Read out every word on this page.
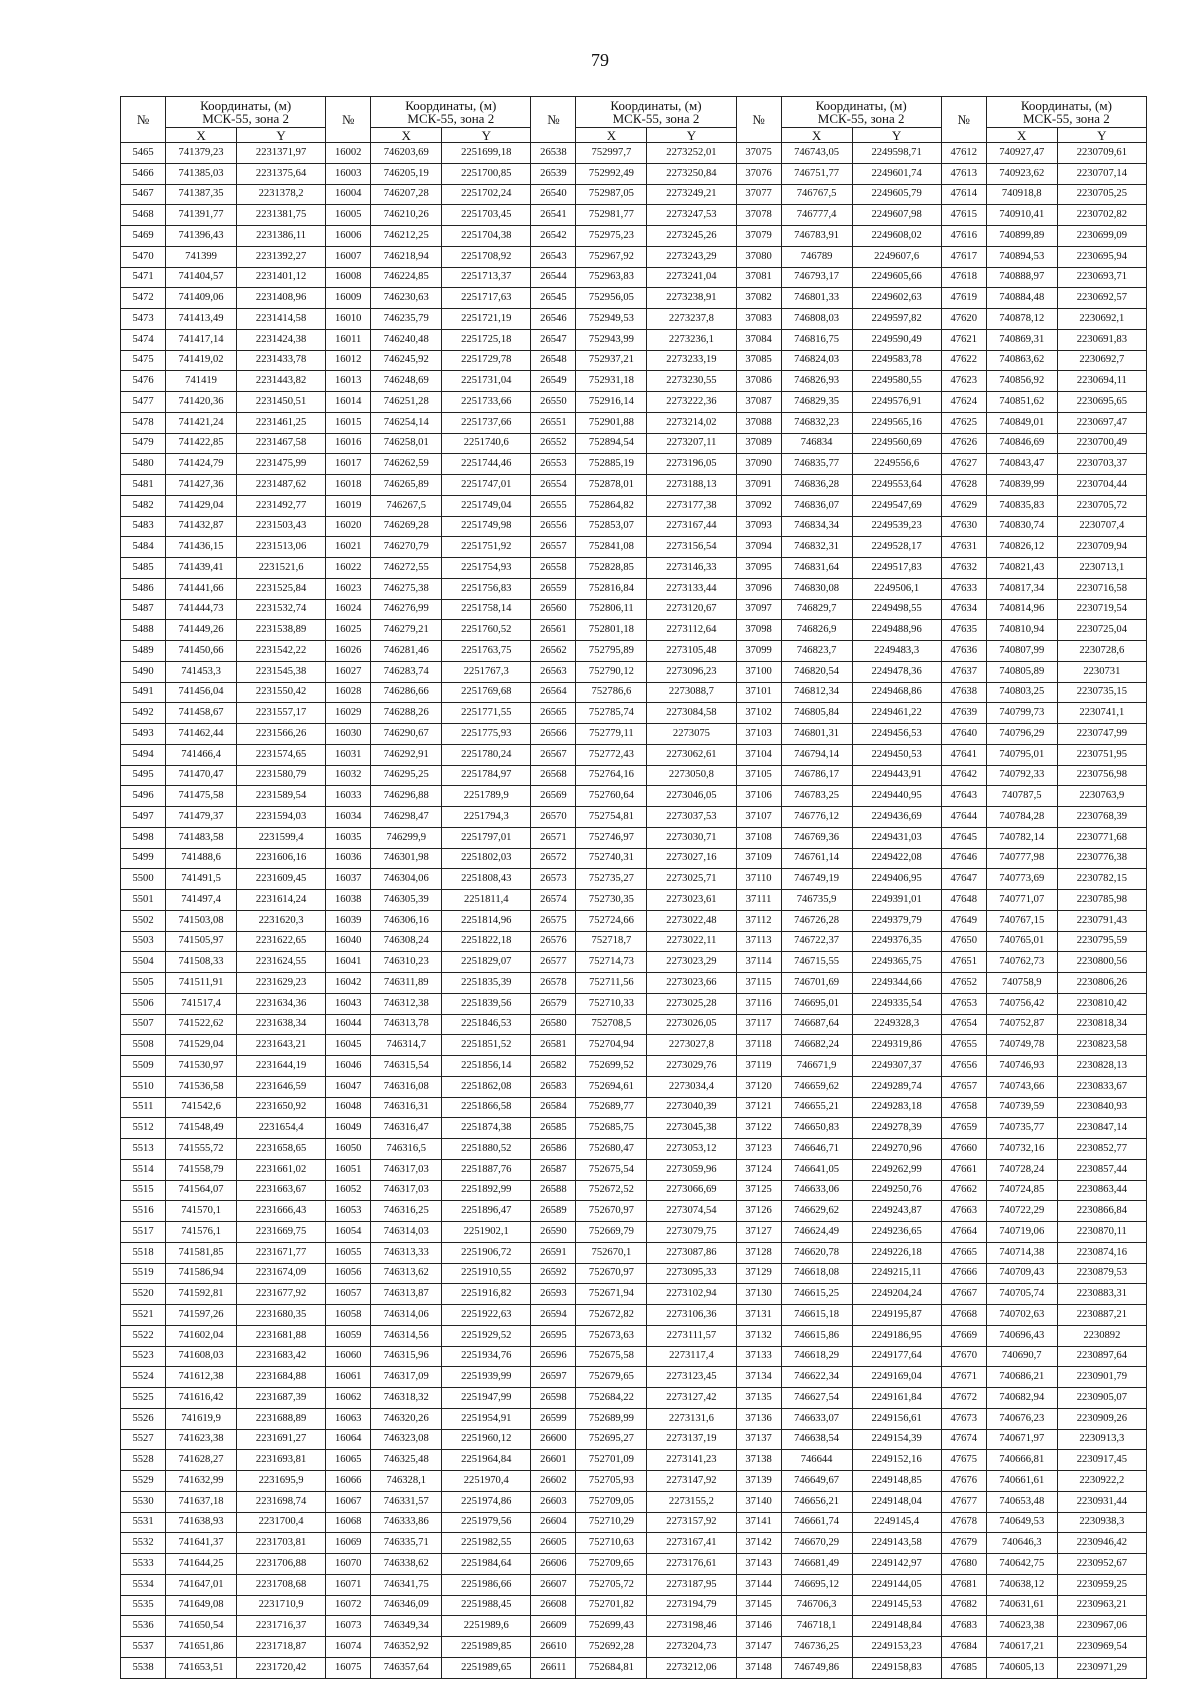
79
№	Координаты, (м)
МСК-55, зона 2		№	Координаты, (м)
МСК-55, зона 2		№	Координаты, (м)
МСК-55, зона 2		№	Координаты, (м)
МСК-55, зона 2		№	Координаты, (м)
МСК-55, зона 2	

	X	Y		X	Y		X	Y		X	Y		X	Y
5465	741379,23	2231371,97	16002	746203,69	2251699,18	26538	752997,7	2273252,01	37075	746743,05	2249598,71	47612	740927,47	2230709,61
5466	741385,03	2231375,64	16003	746205,19	2251700,85	26539	752992,49	2273250,84	37076	746751,77	2249601,74	47613	740923,62	2230707,14
5467	741387,35	2231378,2	16004	746207,28	2251702,24	26540	752987,05	2273249,21	37077	746767,5	2249605,79	47614	740918,8	2230705,25
5468	741391,77	2231381,75	16005	746210,26	2251703,45	26541	752981,77	2273247,53	37078	746777,4	2249607,98	47615	740910,41	2230702,82
5469	741396,43	2231386,11	16006	746212,25	2251704,38	26542	752975,23	2273245,26	37079	746783,91	2249608,02	47616	740899,89	2230699,09
5470	741399	2231392,27	16007	746218,94	2251708,92	26543	752967,92	2273243,29	37080	746789	2249607,6	47617	740894,53	2230695,94
5471	741404,57	2231401,12	16008	746224,85	2251713,37	26544	752963,83	2273241,04	37081	746793,17	2249605,66	47618	740888,97	2230693,71
5472	741409,06	2231408,96	16009	746230,63	2251717,63	26545	752956,05	2273238,91	37082	746801,33	2249602,63	47619	740884,48	2230692,57
5473	741413,49	2231414,58	16010	746235,79	2251721,19	26546	752949,53	2273237,8	37083	746808,03	2249597,82	47620	740878,12	2230692,1
5474	741417,14	2231424,38	16011	746240,48	2251725,18	26547	752943,99	2273236,1	37084	746816,75	2249590,49	47621	740869,31	2230691,83
5475	741419,02	2231433,78	16012	746245,92	2251729,78	26548	752937,21	2273233,19	37085	746824,03	2249583,78	47622	740863,62	2230692,7
5476	741419	2231443,82	16013	746248,69	2251731,04	26549	752931,18	2273230,55	37086	746826,93	2249580,55	47623	740856,92	2230694,11
5477	741420,36	2231450,51	16014	746251,28	2251733,66	26550	752916,14	2273222,36	37087	746829,35	2249576,91	47624	740851,62	2230695,65
5478	741421,24	2231461,25	16015	746254,14	2251737,66	26551	752901,88	2273214,02	37088	746832,23	2249565,16	47625	740849,01	2230697,47
5479	741422,85	2231467,58	16016	746258,01	2251740,6	26552	752894,54	2273207,11	37089	746834	2249560,69	47626	740846,69	2230700,49
5480	741424,79	2231475,99	16017	746262,59	2251744,46	26553	752885,19	2273196,05	37090	746835,77	2249556,6	47627	740843,47	2230703,37
5481	741427,36	2231487,62	16018	746265,89	2251747,01	26554	752878,01	2273188,13	37091	746836,28	2249553,64	47628	740839,99	2230704,44
5482	741429,04	2231492,77	16019	746267,5	2251749,04	26555	752864,82	2273177,38	37092	746836,07	2249547,69	47629	740835,83	2230705,72
5483	741432,87	2231503,43	16020	746269,28	2251749,98	26556	752853,07	2273167,44	37093	746834,34	2249539,23	47630	740830,74	2230707,4
5484	741436,15	2231513,06	16021	746270,79	2251751,92	26557	752841,08	2273156,54	37094	746832,31	2249528,17	47631	740826,12	2230709,94
5485	741439,41	2231521,6	16022	746272,55	2251754,93	26558	752828,85	2273146,33	37095	746831,64	2249517,83	47632	740821,43	2230713,1
5486	741441,66	2231525,84	16023	746275,38	2251756,83	26559	752816,84	2273133,44	37096	746830,08	2249506,1	47633	740817,34	2230716,58
5487	741444,73	2231532,74	16024	746276,99	2251758,14	26560	752806,11	2273120,67	37097	746829,7	2249498,55	47634	740814,96	2230719,54
5488	741449,26	2231538,89	16025	746279,21	2251760,52	26561	752801,18	2273112,64	37098	746826,9	2249488,96	47635	740810,94	2230725,04
5489	741450,66	2231542,22	16026	746281,46	2251763,75	26562	752795,89	2273105,48	37099	746823,7	2249483,3	47636	740807,99	2230728,6
5490	741453,3	2231545,38	16027	746283,74	2251767,3	26563	752790,12	2273096,23	37100	746820,54	2249478,36	47637	740805,89	2230731
5491	741456,04	2231550,42	16028	746286,66	2251769,68	26564	752786,6	2273088,7	37101	746812,34	2249468,86	47638	740803,25	2230735,15
5492	741458,67	2231557,17	16029	746288,26	2251771,55	26565	752785,74	2273084,58	37102	746805,84	2249461,22	47639	740799,73	2230741,1
5493	741462,44	2231566,26	16030	746290,67	2251775,93	26566	752779,11	2273075	37103	746801,31	2249456,53	47640	740796,29	2230747,99
5494	741466,4	2231574,65	16031	746292,91	2251780,24	26567	752772,43	2273062,61	37104	746794,14	2249450,53	47641	740795,01	2230751,95
5495	741470,47	2231580,79	16032	746295,25	2251784,97	26568	752764,16	2273050,8	37105	746786,17	2249443,91	47642	740792,33	2230756,98
5496	741475,58	2231589,54	16033	746296,88	2251789,9	26569	752760,64	2273046,05	37106	746783,25	2249440,95	47643	740787,5	2230763,9
5497	741479,37	2231594,03	16034	746298,47	2251794,3	26570	752754,81	2273037,53	37107	746776,12	2249436,69	47644	740784,28	2230768,39
5498	741483,58	2231599,4	16035	746299,9	2251797,01	26571	752746,97	2273030,71	37108	746769,36	2249431,03	47645	740782,14	2230771,68
5499	741488,6	2231606,16	16036	746301,98	2251802,03	26572	752740,31	2273027,16	37109	746761,14	2249422,08	47646	740777,98	2230776,38
5500	741491,5	2231609,45	16037	746304,06	2251808,43	26573	752735,27	2273025,71	37110	746749,19	2249406,95	47647	740773,69	2230782,15
5501	741497,4	2231614,24	16038	746305,39	2251811,4	26574	752730,35	2273023,61	37111	746735,9	2249391,01	47648	740771,07	2230785,98
5502	741503,08	2231620,3	16039	746306,16	2251814,96	26575	752724,66	2273022,48	37112	746726,28	2249379,79	47649	740767,15	2230791,43
5503	741505,97	2231622,65	16040	746308,24	2251822,18	26576	752718,7	2273022,11	37113	746722,37	2249376,35	47650	740765,01	2230795,59
5504	741508,33	2231624,55	16041	746310,23	2251829,07	26577	752714,73	2273023,29	37114	746715,55	2249365,75	47651	740762,73	2230800,56
5505	741511,91	2231629,23	16042	746311,89	2251835,39	26578	752711,56	2273023,66	37115	746701,69	2249344,66	47652	740758,9	2230806,26
5506	741517,4	2231634,36	16043	746312,38	2251839,56	26579	752710,33	2273025,28	37116	746695,01	2249335,54	47653	740756,42	2230810,42
5507	741522,62	2231638,34	16044	746313,78	2251846,53	26580	752708,5	2273026,05	37117	746687,64	2249328,3	47654	740752,87	2230818,34
5508	741529,04	2231643,21	16045	746314,7	2251851,52	26581	752704,94	2273027,8	37118	746682,24	2249319,86	47655	740749,78	2230823,58
5509	741530,97	2231644,19	16046	746315,54	2251856,14	26582	752699,52	2273029,76	37119	746671,9	2249307,37	47656	740746,93	2230828,13
5510	741536,58	2231646,59	16047	746316,08	2251862,08	26583	752694,61	2273034,4	37120	746659,62	2249289,74	47657	740743,66	2230833,67
5511	741542,6	2231650,92	16048	746316,31	2251866,58	26584	752689,77	2273040,39	37121	746655,21	2249283,18	47658	740739,59	2230840,93
5512	741548,49	2231654,4	16049	746316,47	2251874,38	26585	752685,75	2273045,38	37122	746650,83	2249278,39	47659	740735,77	2230847,14
5513	741555,72	2231658,65	16050	746316,5	2251880,52	26586	752680,47	2273053,12	37123	746646,71	2249270,96	47660	740732,16	2230852,77
5514	741558,79	2231661,02	16051	746317,03	2251887,76	26587	752675,54	2273059,96	37124	746641,05	2249262,99	47661	740728,24	2230857,44
5515	741564,07	2231663,67	16052	746317,03	2251892,99	26588	752672,52	2273066,69	37125	746633,06	2249250,76	47662	740724,85	2230863,44
5516	741570,1	2231666,43	16053	746316,25	2251896,47	26589	752670,97	2273074,54	37126	746629,62	2249243,87	47663	740722,29	2230866,84
5517	741576,1	2231669,75	16054	746314,03	2251902,1	26590	752669,79	2273079,75	37127	746624,49	2249236,65	47664	740719,06	2230870,11
5518	741581,85	2231671,77	16055	746313,33	2251906,72	26591	752670,1	2273087,86	37128	746620,78	2249226,18	47665	740714,38	2230874,16
5519	741586,94	2231674,09	16056	746313,62	2251910,55	26592	752670,97	2273095,33	37129	746618,08	2249215,11	47666	740709,43	2230879,53
5520	741592,81	2231677,92	16057	746313,87	2251916,82	26593	752671,94	2273102,94	37130	746615,25	2249204,24	47667	740705,74	2230883,31
5521	741597,26	2231680,35	16058	746314,06	2251922,63	26594	752672,82	2273106,36	37131	746615,18	2249195,87	47668	740702,63	2230887,21
5522	741602,04	2231681,88	16059	746314,56	2251929,52	26595	752673,63	2273111,57	37132	746615,86	2249186,95	47669	740696,43	2230892
5523	741608,03	2231683,42	16060	746315,96	2251934,76	26596	752675,58	2273117,4	37133	746618,29	2249177,64	47670	740690,7	2230897,64
5524	741612,38	2231684,88	16061	746317,09	2251939,99	26597	752679,65	2273123,45	37134	746622,34	2249169,04	47671	740686,21	2230901,79
5525	741616,42	2231687,39	16062	746318,32	2251947,99	26598	752684,22	2273127,42	37135	746627,54	2249161,84	47672	740682,94	2230905,07
5526	741619,9	2231688,89	16063	746320,26	2251954,91	26599	752689,99	2273131,6	37136	746633,07	2249156,61	47673	740676,23	2230909,26
5527	741623,38	2231691,27	16064	746323,08	2251960,12	26600	752695,27	2273137,19	37137	746638,54	2249154,39	47674	740671,97	2230913,3
5528	741628,27	2231693,81	16065	746325,48	2251964,84	26601	752701,09	2273141,23	37138	746644	2249152,16	47675	740666,81	2230917,45
5529	741632,99	2231695,9	16066	746328,1	2251970,4	26602	752705,93	2273147,92	37139	746649,67	2249148,85	47676	740661,61	2230922,2
5530	741637,18	2231698,74	16067	746331,57	2251974,86	26603	752709,05	2273155,2	37140	746656,21	2249148,04	47677	740653,48	2230931,44
5531	741638,93	2231700,4	16068	746333,86	2251979,56	26604	752710,29	2273157,92	37141	746661,74	2249145,4	47678	740649,53	2230938,3
5532	741641,37	2231703,81	16069	746335,71	2251982,55	26605	752710,63	2273167,41	37142	746670,29	2249143,58	47679	740646,3	2230946,42
5533	741644,25	2231706,88	16070	746338,62	2251984,64	26606	752709,65	2273176,61	37143	746681,49	2249142,97	47680	740642,75	2230952,67
5534	741647,01	2231708,68	16071	746341,75	2251986,66	26607	752705,72	2273187,95	37144	746695,12	2249144,05	47681	740638,12	2230959,25
5535	741649,08	2231710,9	16072	746346,09	2251988,45	26608	752701,82	2273194,79	37145	746706,3	2249145,53	47682	740631,61	2230963,21
5536	741650,54	2231716,37	16073	746349,34	2251989,6	26609	752699,43	2273198,46	37146	746718,1	2249148,84	47683	740623,38	2230967,06
5537	741651,86	2231718,87	16074	746352,92	2251989,85	26610	752692,28	2273204,73	37147	746736,25	2249153,23	47684	740617,21	2230969,54
5538	741653,51	2231720,42	16075	746357,64	2251989,65	26611	752684,81	2273212,06	37148	746749,86	2249158,83	47685	740605,13	2230971,29
